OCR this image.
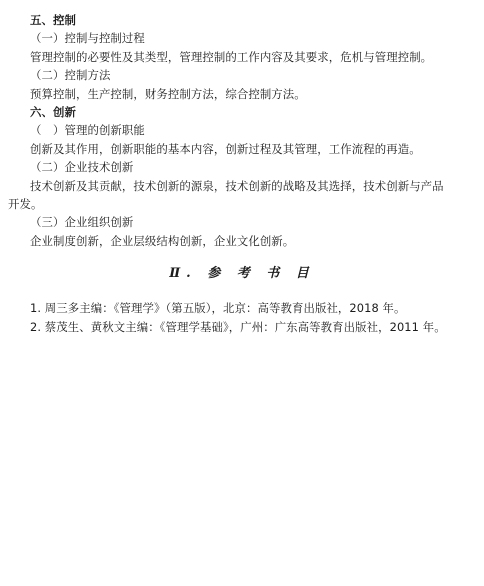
五、控制
（一）控制与控制过程
管理控制的必要性及其类型，管理控制的工作内容及其要求，危机与管理控制。
（二）控制方法
预算控制，生产控制，财务控制方法，综合控制方法。
六、创新
（　）管理的创新职能
创新及其作用，创新职能的基本内容，创新过程及其管理，工作流程的再造。
（二）企业技术创新
技术创新及其贡献，技术创新的源泉，技术创新的战略及其选择，技术创新与产品
开发。
（三）企业组织创新
企业制度创新，企业层级结构创新，企业文化创新。
Ⅱ. 参 考 书 目
1. 周三多主编：《管理学》（第五版），北京：高等教育出版社，2018 年。
2. 蔡茂生、黄秋文主编：《管理学基础》，广州：广东高等教育出版社，2011 年。
